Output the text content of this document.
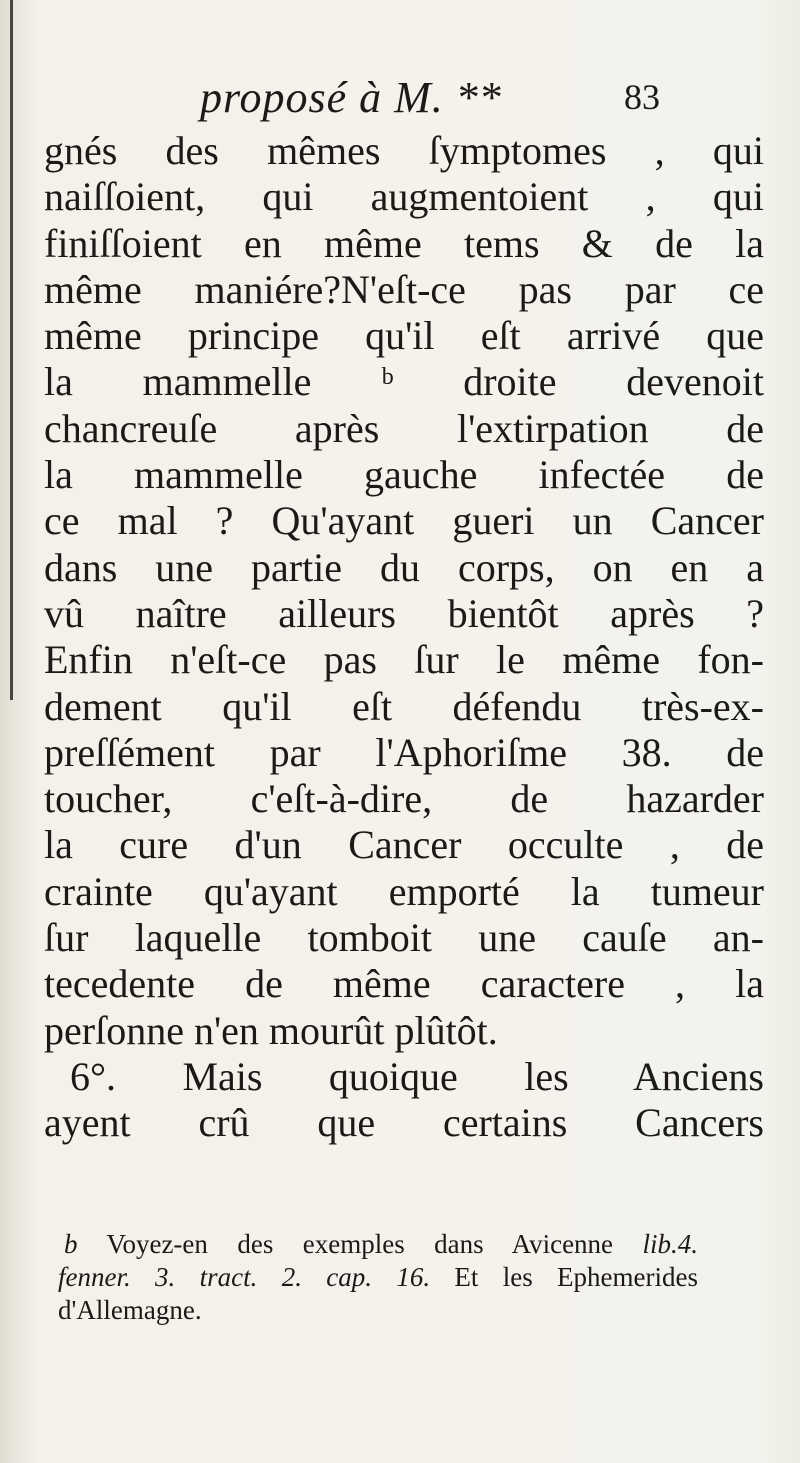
proposé à M. **	83
gnés des mêmes ſymptomes , qui
naiſſoient, qui augmentoient , qui
finiſſoient en même tems & de la
même maniére?N'eſt-ce pas par ce
même principe qu'il eſt arrivé que
la mammelle ᵇ droite devenoit
chancreuſe après l'extirpation de
la mammelle gauche infectée de
ce mal ? Qu'ayant gueri un Cancer
dans une partie du corps, on en a
vû naître ailleurs bientôt après ?
Enfin n'eſt-ce pas ſur le même fon-
dement qu'il eſt défendu très-ex-
preſſément par l'Aphoriſme 38. de
toucher, c'eſt-à-dire, de hazarder
la cure d'un Cancer occulte , de
crainte qu'ayant emporté la tumeur
ſur laquelle tomboit une cauſe an-
tecedente de même caractere , la
perſonne n'en mourût plûtôt.
6°. Mais quoique les Anciens
ayent crû que certains Cancers
b Voyez-en des exemples dans Avicenne lib.4.
fenner. 3. tract. 2. cap. 16. Et les Ephemerides
d'Allemagne.
